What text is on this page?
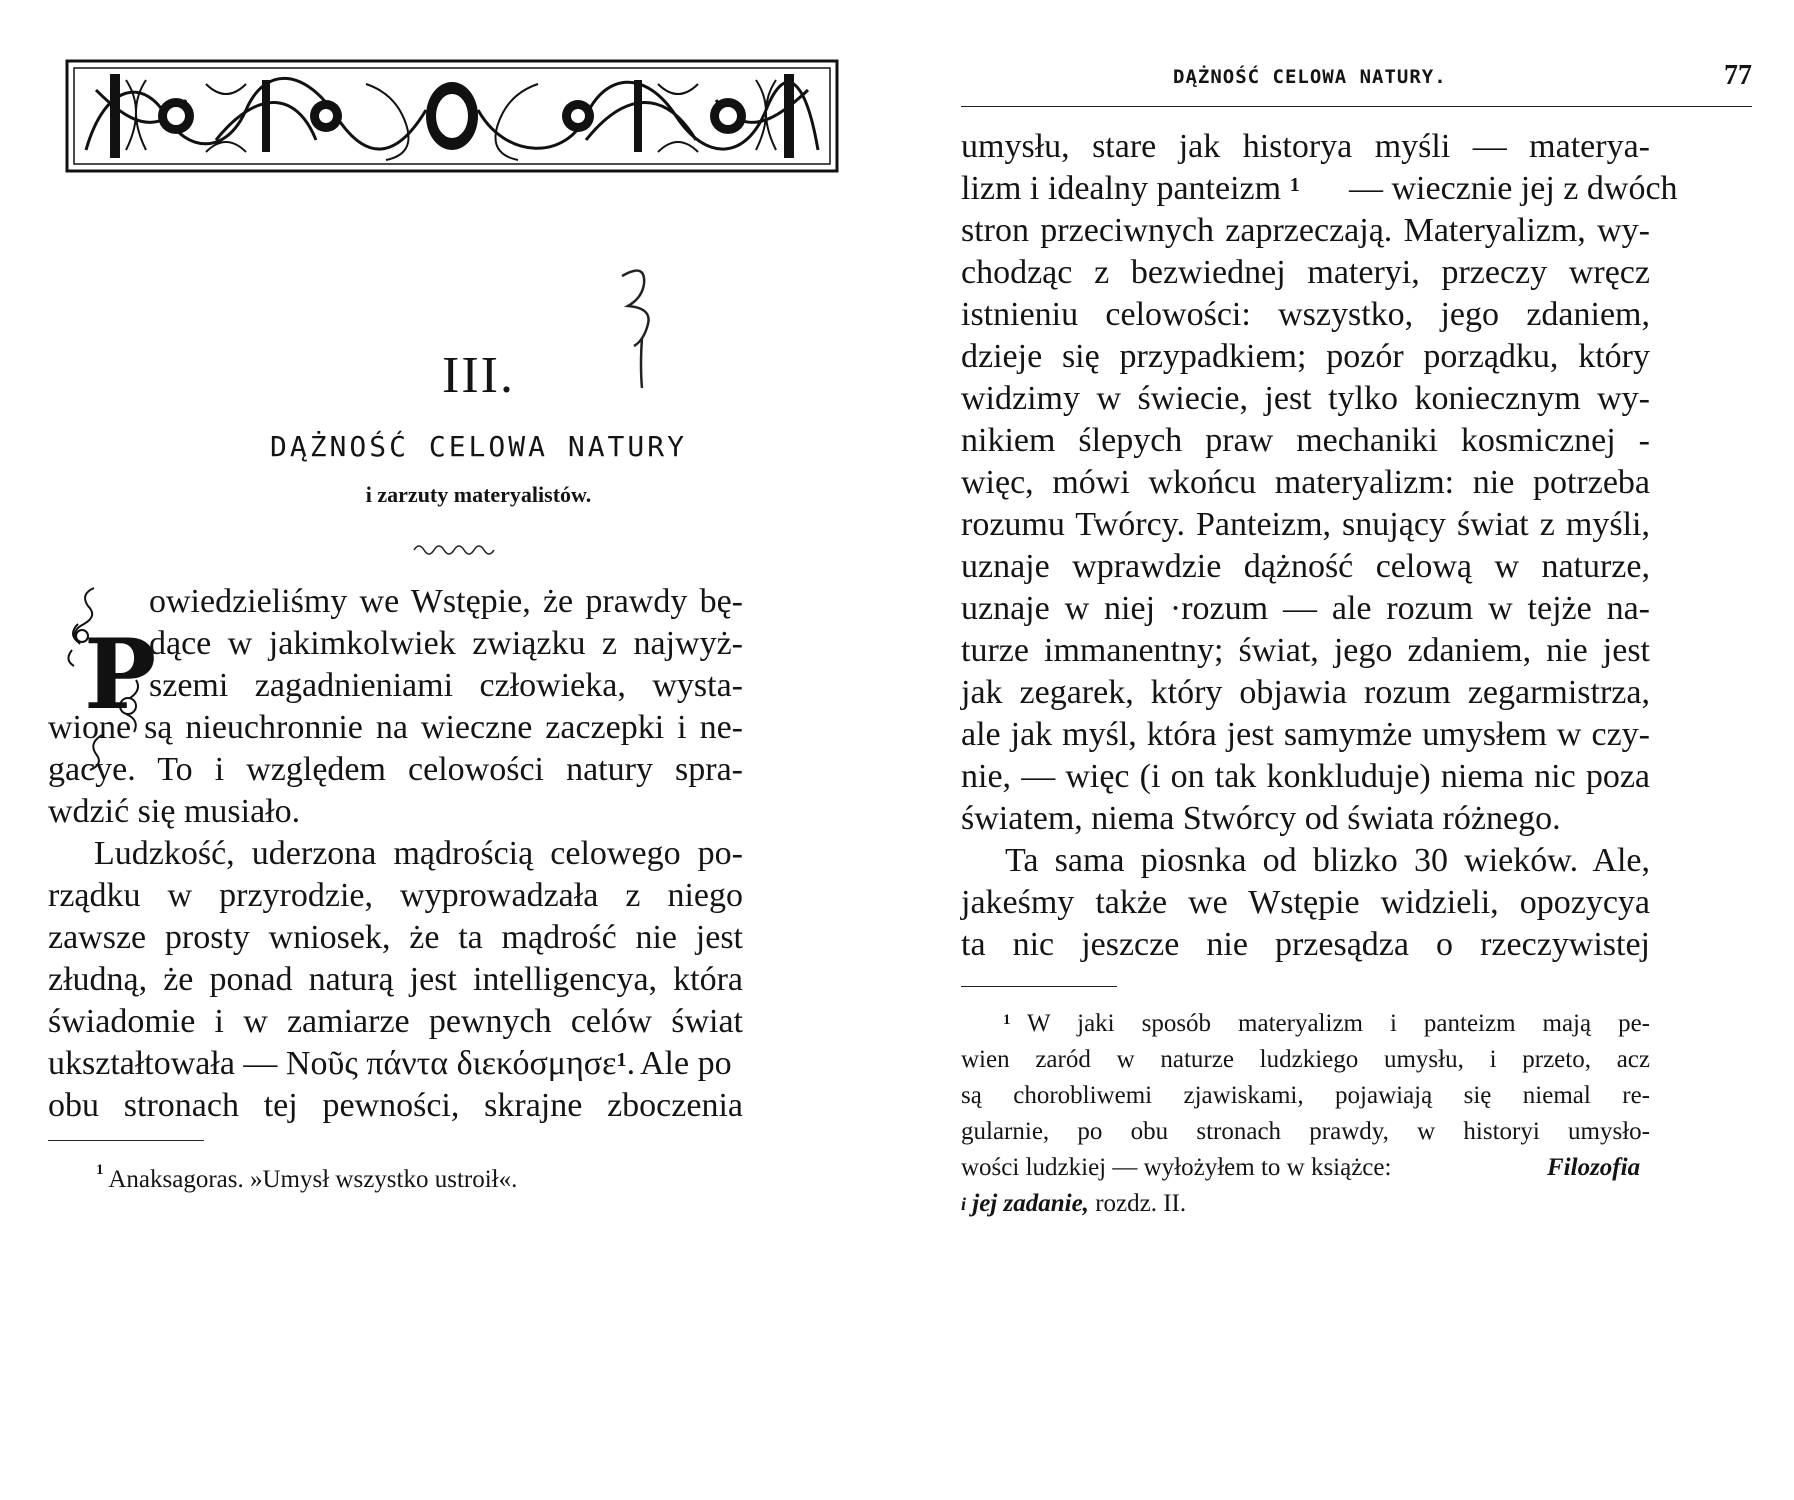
III.
DĄŻNOŚĆ CELOWA NATURY
i zarzuty materyalistów.
P
owiedzieliśmy we Wstępie, że prawdy bę-
dące w jakimkolwiek związku z najwyż-
szemi zagadnieniami człowieka, wysta-
wione są nieuchronnie na wieczne zaczepki i ne-
gacye. To i względem celowości natury spra-
wdzić się musiało.
Ludzkość, uderzona mądrością celowego po-
rządku w przyrodzie, wyprowadzała z niego
zawsze prosty wniosek, że ta mądrość nie jest
złudną, że ponad naturą jest intelligencya, która
świadomie i w zamiarze pewnych celów świat
ukształtowała — Νοῦς πάντα διεκόσμησε$^1$. Ale po
obu stronach tej pewności, skrajne zboczenia
$^1$ Anaksagoras. »Umysł wszystko ustroił«.
DĄŻNOŚĆ CELOWA NATURY.	77
umysłu, stare jak historya myśli — materya-
lizm i idealny panteizm $^1$ — wiecznie jej z dwóch
stron przeciwnych zaprzeczają. Materyalizm, wy-
chodząc z bezwiednej materyi, przeczy wręcz
istnieniu celowości: wszystko, jego zdaniem,
dzieje się przypadkiem; pozór porządku, który
widzimy w świecie, jest tylko koniecznym wy-
nikiem ślepych praw mechaniki kosmicznej -
więc, mówi wkońcu materyalizm: nie potrzeba
rozumu Twórcy. Panteizm, snujący świat z myśli,
uznaje wprawdzie dążność celową w naturze,
uznaje w niej ·rozum — ale rozum w tejże na-
turze immanentny; świat, jego zdaniem, nie jest
jak zegarek, który objawia rozum zegarmistrza,
ale jak myśl, która jest samymże umysłem w czy-
nie, — więc (i on tak konkluduje) niema nic poza
światem, niema Stwórcy od świata różnego.
Ta sama piosnka od blizko 30 wieków. Ale,
jakeśmy także we Wstępie widzieli, opozycya
ta nic jeszcze nie przesądza o rzeczywistej
$^1$ W jaki sposób materyalizm i panteizm mają pe-
wien zaród w naturze ludzkiego umysłu, i przeto, acz
są chorobliwemi zjawiskami, pojawiają się niemal re-
gularnie, po obu stronach prawdy, w historyi umysło-
wości ludzkiej — wyłożyłem to w książce:	Filozofia
$^i$ jej zadanie, rozdz. II.
